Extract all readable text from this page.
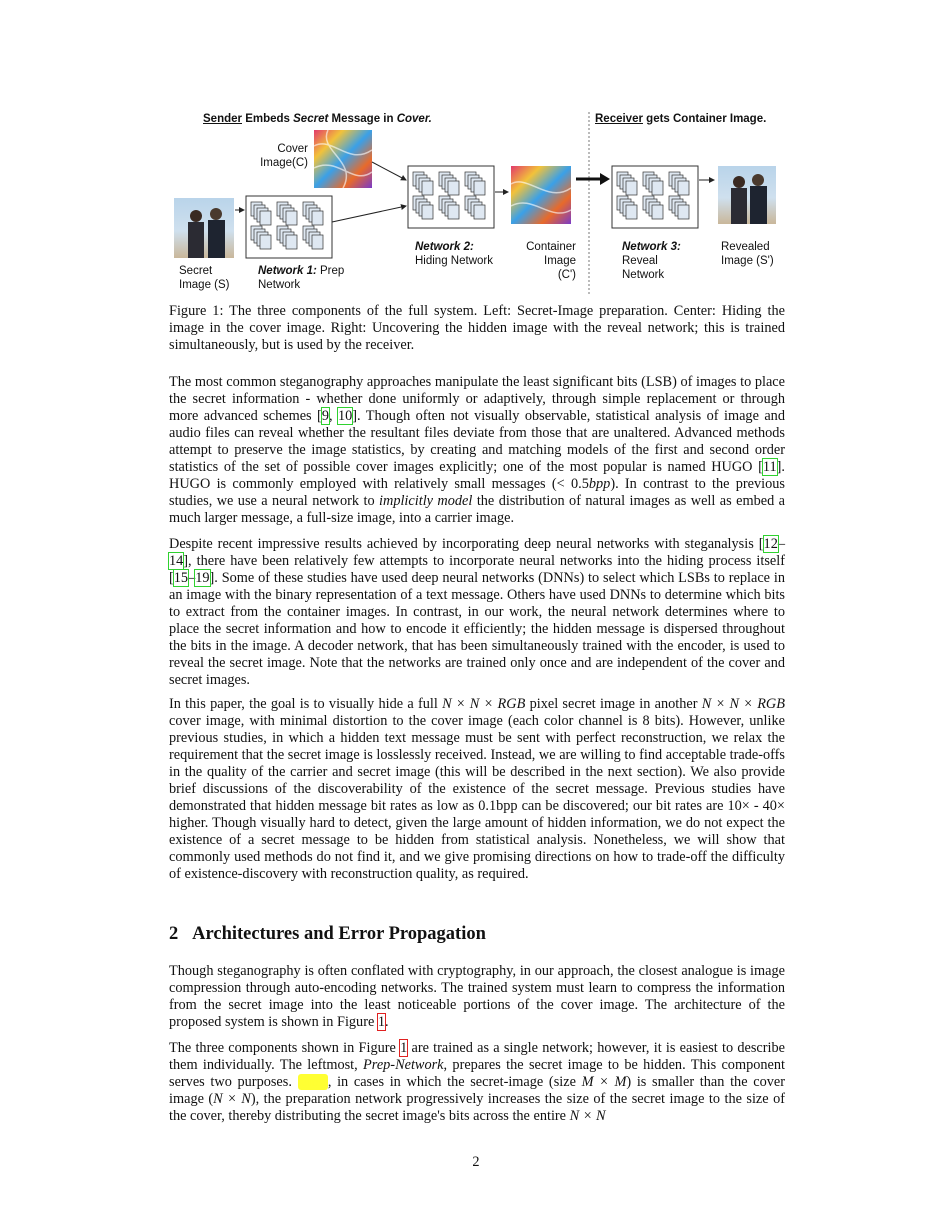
Sender Embeds Secret Message in Cover.	Receiver gets Container Image.
Cover
Image(C)
Secret
Image (S)
Network 1: Prep
Network
Network 2:
Hiding Network
Container
Image
(C')
Network 3:
Reveal
Network
Revealed
Image (S')
Figure 1: The three components of the full system. Left: Secret-Image preparation. Center: Hiding the image in the cover image. Right: Uncovering the hidden image with the reveal network; this is trained simultaneously, but is used by the receiver.

The most common steganography approaches manipulate the least significant bits (LSB) of images to place the secret information - whether done uniformly or adaptively, through simple replacement or through more advanced schemes [9, 10]. Though often not visually observable, statistical analysis of image and audio files can reveal whether the resultant files deviate from those that are unaltered. Advanced methods attempt to preserve the image statistics, by creating and matching models of the first and second order statistics of the set of possible cover images explicitly; one of the most popular is named HUGO [11]. HUGO is commonly employed with relatively small messages (< 0.5bpp). In contrast to the previous studies, we use a neural network to implicitly model the distribution of natural images as well as embed a much larger message, a full-size image, into a carrier image.

Despite recent impressive results achieved by incorporating deep neural networks with steganalysis [12–14], there have been relatively few attempts to incorporate neural networks into the hiding process itself [15–19]. Some of these studies have used deep neural networks (DNNs) to select which LSBs to replace in an image with the binary representation of a text message. Others have used DNNs to determine which bits to extract from the container images. In contrast, in our work, the neural network determines where to place the secret information and how to encode it efficiently; the hidden message is dispersed throughout the bits in the image. A decoder network, that has been simultaneously trained with the encoder, is used to reveal the secret image. Note that the networks are trained only once and are independent of the cover and secret images.

In this paper, the goal is to visually hide a full N × N × RGB pixel secret image in another N × N × RGB cover image, with minimal distortion to the cover image (each color channel is 8 bits). However, unlike previous studies, in which a hidden text message must be sent with perfect reconstruction, we relax the requirement that the secret image is losslessly received. Instead, we are willing to find acceptable trade-offs in the quality of the carrier and secret image (this will be described in the next section). We also provide brief discussions of the discoverability of the existence of the secret message. Previous studies have demonstrated that hidden message bit rates as low as 0.1bpp can be discovered; our bit rates are 10× - 40× higher. Though visually hard to detect, given the large amount of hidden information, we do not expect the existence of a secret message to be hidden from statistical analysis. Nonetheless, we will show that commonly used methods do not find it, and we give promising directions on how to trade-off the difficulty of existence-discovery with reconstruction quality, as required.

2 Architectures and Error Propagation

Though steganography is often conflated with cryptography, in our approach, the closest analogue is image compression through auto-encoding networks. The trained system must learn to compress the information from the secret image into the least noticeable portions of the cover image. The architecture of the proposed system is shown in Figure 1.

The three components shown in Figure 1 are trained as a single network; however, it is easiest to describe them individually. The leftmost, Prep-Network, prepares the secret image to be hidden. This component serves two purposes. First , in cases in which the secret-image (size M × M) is smaller than the cover image (N × N), the preparation network progressively increases the size of the secret image to the size of the cover, thereby distributing the secret image's bits across the entire N × N

2
